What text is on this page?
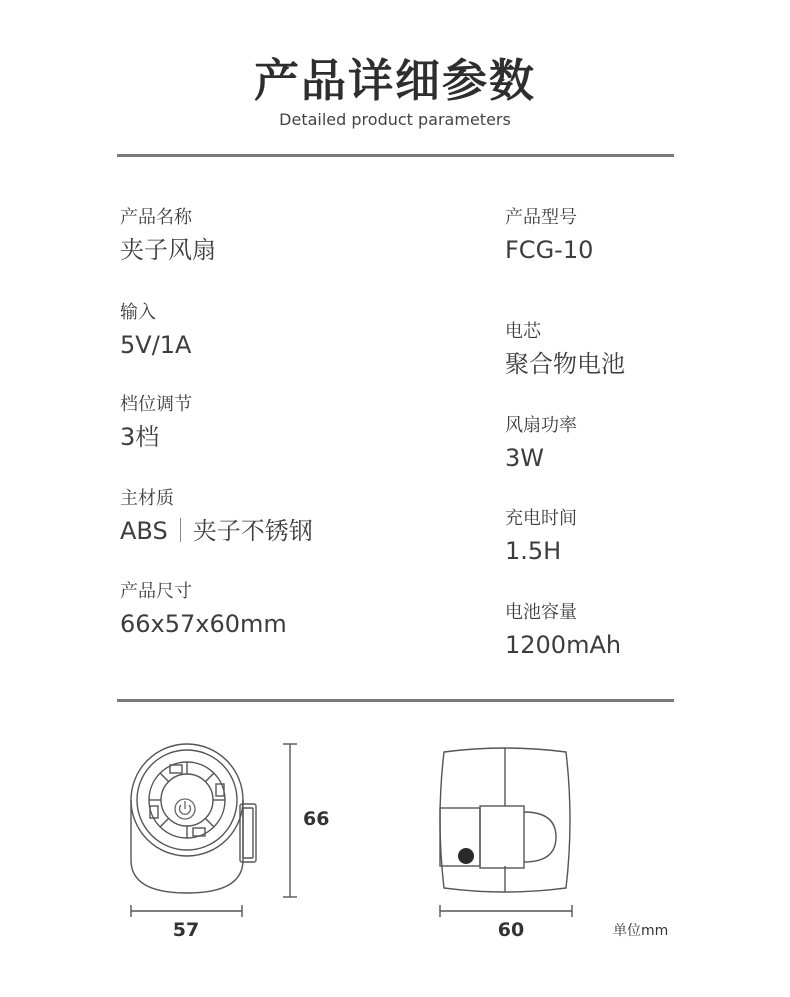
产品详细参数
Detailed product parameters
产品名称
夹子风扇
输入
5V/1A
档位调节
3档
主材质
ABS 夹子不锈钢
产品尺寸
66x57x60mm
产品型号
FCG-10
电芯
聚合物电池
风扇功率
3W
充电时间
1.5H
电池容量
1200mAh
66
57	60	单位mm
